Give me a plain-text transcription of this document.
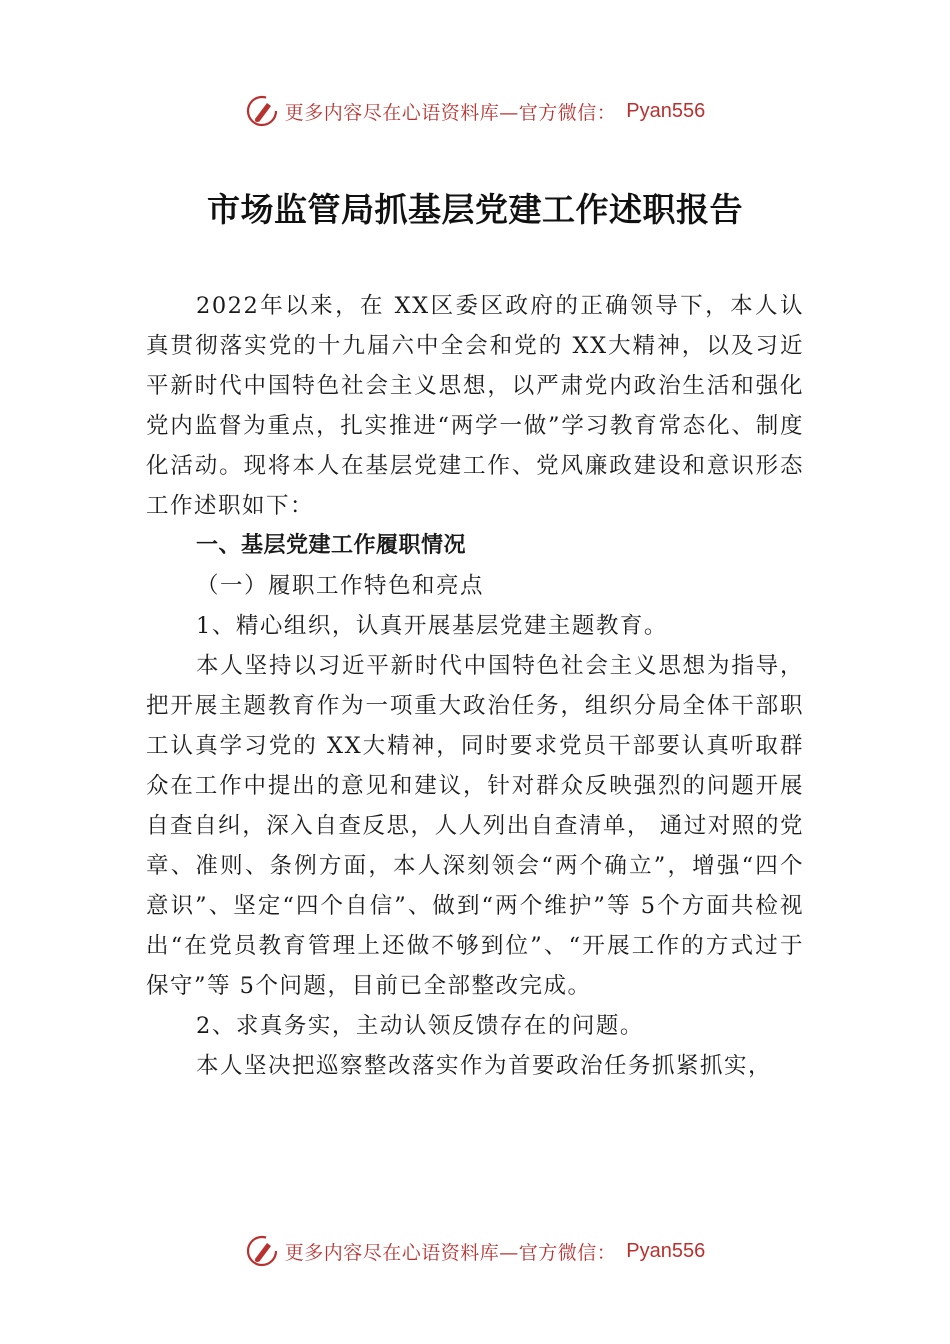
更多内容尽在心语资料库—官方微信： Pyan556
市场监管局抓基层党建工作述职报告

2022年以来，在 XX区委区政府的正确领导下，本人认真贯彻落实党的十九届六中全会和党的 XX大精神，以及习近平新时代中国特色社会主义思想，以严肃党内政治生活和强化党内监督为重点，扎实推进“两学一做”学习教育常态化、制度化活动。现将本人在基层党建工作、党风廉政建设和意识形态工作述职如下：

一、基层党建工作履职情况

（一）履职工作特色和亮点

1、精心组织，认真开展基层党建主题教育。

本人坚持以习近平新时代中国特色社会主义思想为指导，把开展主题教育作为一项重大政治任务，组织分局全体干部职工认真学习党的 XX大精神，同时要求党员干部要认真听取群众在工作中提出的意见和建议，针对群众反映强烈的问题开展自查自纠，深入自查反思，人人列出自查清单， 通过对照的党章、准则、条例方面，本人深刻领会“两个确立”，增强“四个意识”、坚定“四个自信”、做到“两个维护”等 5个方面共检视出“在党员教育管理上还做不够到位”、“开展工作的方式过于保守”等 5个问题，目前已全部整改完成。

2、求真务实，主动认领反馈存在的问题。

本人坚决把巡察整改落实作为首要政治任务抓紧抓实，

更多内容尽在心语资料库—官方微信： Pyan556
